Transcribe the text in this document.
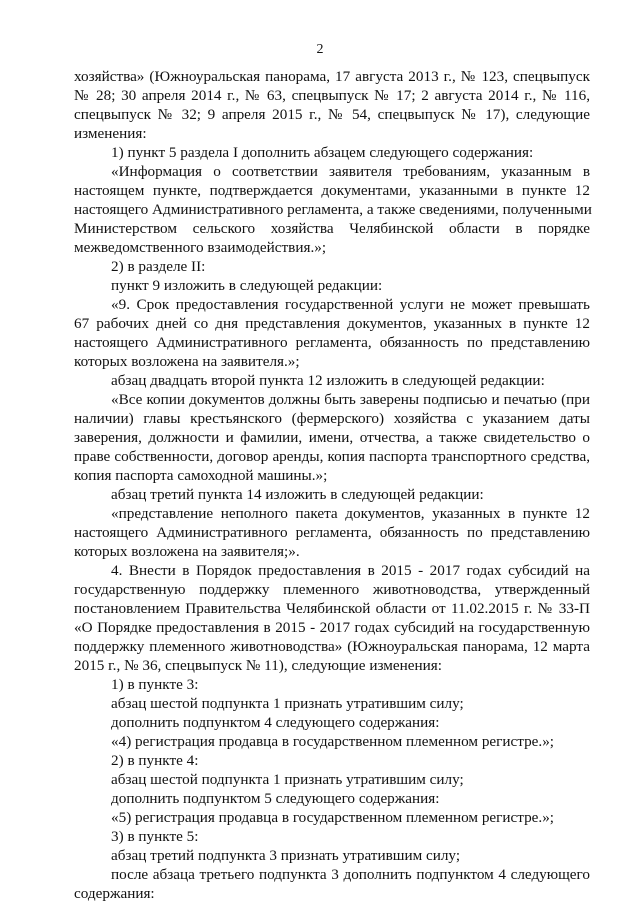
2
хозяйства» (Южноуральская панорама, 17 августа 2013 г., № 123, спецвыпуск
№ 28; 30 апреля 2014 г., № 63, спецвыпуск № 17; 2 августа 2014 г., № 116,
спецвыпуск № 32; 9 апреля 2015 г., № 54, спецвыпуск № 17), следующие
изменения:
1) пункт 5 раздела I дополнить абзацем следующего содержания:
«Информация о соответствии заявителя требованиям, указанным в
настоящем пункте, подтверждается документами, указанными в пункте 12
настоящего Административного регламента, а также сведениями, полученными
Министерством сельского хозяйства Челябинской области в порядке
межведомственного взаимодействия.»;
2) в разделе II:
пункт 9 изложить в следующей редакции:
«9. Срок предоставления государственной услуги не может превышать
67 рабочих дней со дня представления документов, указанных в пункте 12
настоящего Административного регламента, обязанность по представлению
которых возложена на заявителя.»;
абзац двадцать второй пункта 12 изложить в следующей редакции:
«Все копии документов должны быть заверены подписью и печатью (при
наличии) главы крестьянского (фермерского) хозяйства с указанием даты
заверения, должности и фамилии, имени, отчества, а также свидетельство о
праве собственности, договор аренды, копия паспорта транспортного средства,
копия паспорта самоходной машины.»;
абзац третий пункта 14 изложить в следующей редакции:
«представление неполного пакета документов, указанных в пункте 12
настоящего Административного регламента, обязанность по представлению
которых возложена на заявителя;».
4. Внести в Порядок предоставления в 2015 - 2017 годах субсидий на
государственную поддержку племенного животноводства, утвержденный
постановлением Правительства Челябинской области от 11.02.2015 г. № 33-П
«О Порядке предоставления в 2015 - 2017 годах субсидий на государственную
поддержку племенного животноводства» (Южноуральская панорама, 12 марта
2015 г., № 36, спецвыпуск № 11), следующие изменения:
1) в пункте 3:
абзац шестой подпункта 1 признать утратившим силу;
дополнить подпунктом 4 следующего содержания:
«4) регистрация продавца в государственном племенном регистре.»;
2) в пункте 4:
абзац шестой подпункта 1 признать утратившим силу;
дополнить подпунктом 5 следующего содержания:
«5) регистрация продавца в государственном племенном регистре.»;
3) в пункте 5:
абзац третий подпункта 3 признать утратившим силу;
после абзаца третьего подпункта 3 дополнить подпунктом 4 следующего
содержания:
